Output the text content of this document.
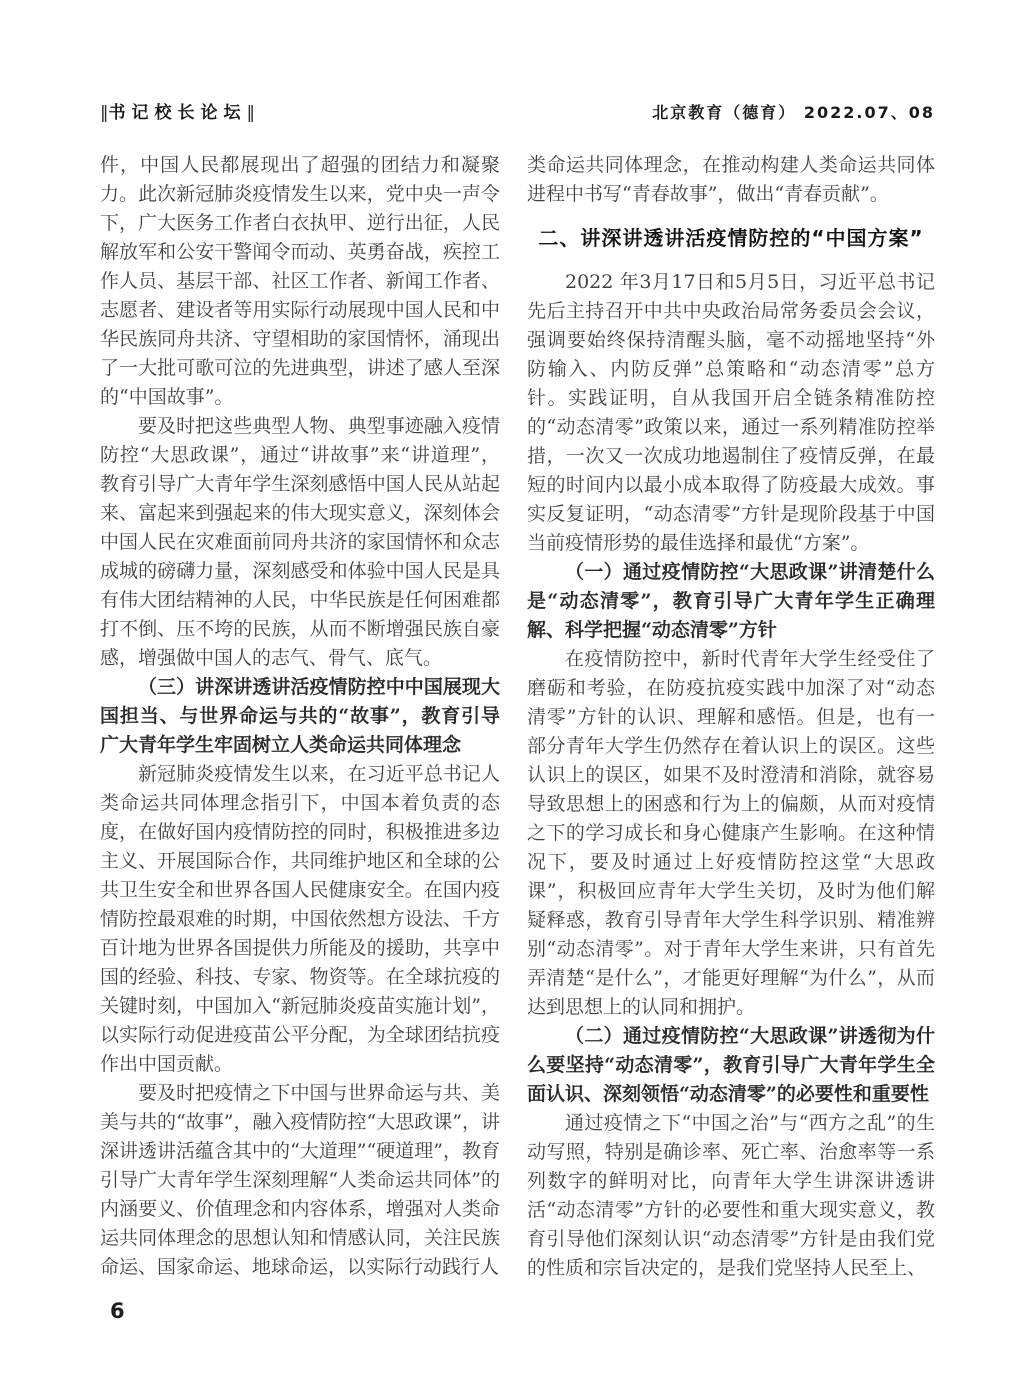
‖书记校长论坛‖	北京教育（德育） 2022.07、08

件，中国人民都展现出了超强的团结力和凝聚力。此次新冠肺炎疫情发生以来，党中央一声令下，广大医务工作者白衣执甲、逆行出征，人民解放军和公安干警闻令而动、英勇奋战，疾控工作人员、基层干部、社区工作者、新闻工作者、志愿者、建设者等用实际行动展现中国人民和中华民族同舟共济、守望相助的家国情怀，涌现出了一大批可歌可泣的先进典型，讲述了感人至深的“中国故事”。

要及时把这些典型人物、典型事迹融入疫情防控“大思政课”，通过“讲故事”来“讲道理”，教育引导广大青年学生深刻感悟中国人民从站起来、富起来到强起来的伟大现实意义，深刻体会中国人民在灾难面前同舟共济的家国情怀和众志成城的磅礴力量，深刻感受和体验中国人民是具有伟大团结精神的人民，中华民族是任何困难都打不倒、压不垮的民族，从而不断增强民族自豪感，增强做中国人的志气、骨气、底气。

（三）讲深讲透讲活疫情防控中中国展现大国担当、与世界命运与共的“故事”，教育引导广大青年学生牢固树立人类命运共同体理念

新冠肺炎疫情发生以来，在习近平总书记人类命运共同体理念指引下，中国本着负责的态度，在做好国内疫情防控的同时，积极推进多边主义、开展国际合作，共同维护地区和全球的公共卫生安全和世界各国人民健康安全。在国内疫情防控最艰难的时期，中国依然想方设法、千方百计地为世界各国提供力所能及的援助，共享中国的经验、科技、专家、物资等。在全球抗疫的关键时刻，中国加入“新冠肺炎疫苗实施计划”，以实际行动促进疫苗公平分配，为全球团结抗疫作出中国贡献。

要及时把疫情之下中国与世界命运与共、美美与共的“故事”，融入疫情防控“大思政课”，讲深讲透讲活蕴含其中的“大道理”“硬道理”，教育引导广大青年学生深刻理解“人类命运共同体”的内涵要义、价值理念和内容体系，增强对人类命运共同体理念的思想认知和情感认同，关注民族命运、国家命运、地球命运，以实际行动践行人

类命运共同体理念，在推动构建人类命运共同体进程中书写“青春故事”，做出“青春贡献”。

二、讲深讲透讲活疫情防控的“中国方案”

2022 年3月17日和5月5日，习近平总书记先后主持召开中共中央政治局常务委员会会议，强调要始终保持清醒头脑，毫不动摇地坚持“外防输入、内防反弹”总策略和“动态清零”总方针。实践证明，自从我国开启全链条精准防控的“动态清零”政策以来，通过一系列精准防控举措，一次又一次成功地遏制住了疫情反弹，在最短的时间内以最小成本取得了防疫最大成效。事实反复证明，“动态清零”方针是现阶段基于中国当前疫情形势的最佳选择和最优“方案”。

（一）通过疫情防控“大思政课”讲清楚什么是“动态清零”，教育引导广大青年学生正确理解、科学把握“动态清零”方针

在疫情防控中，新时代青年大学生经受住了磨砺和考验，在防疫抗疫实践中加深了对“动态清零”方针的认识、理解和感悟。但是，也有一部分青年大学生仍然存在着认识上的误区。这些认识上的误区，如果不及时澄清和消除，就容易导致思想上的困惑和行为上的偏颇，从而对疫情之下的学习成长和身心健康产生影响。在这种情况下，要及时通过上好疫情防控这堂“大思政课”，积极回应青年大学生关切，及时为他们解疑释惑，教育引导青年大学生科学识别、精准辨别“动态清零”。对于青年大学生来讲，只有首先弄清楚“是什么”，才能更好理解“为什么”，从而达到思想上的认同和拥护。

（二）通过疫情防控“大思政课”讲透彻为什么要坚持“动态清零”，教育引导广大青年学生全面认识、深刻领悟“动态清零”的必要性和重要性

通过疫情之下“中国之治”与“西方之乱”的生动写照，特别是确诊率、死亡率、治愈率等一系列数字的鲜明对比，向青年大学生讲深讲透讲活“动态清零”方针的必要性和重大现实意义，教育引导他们深刻认识“动态清零”方针是由我们党的性质和宗旨决定的，是我们党坚持人民至上、

6
